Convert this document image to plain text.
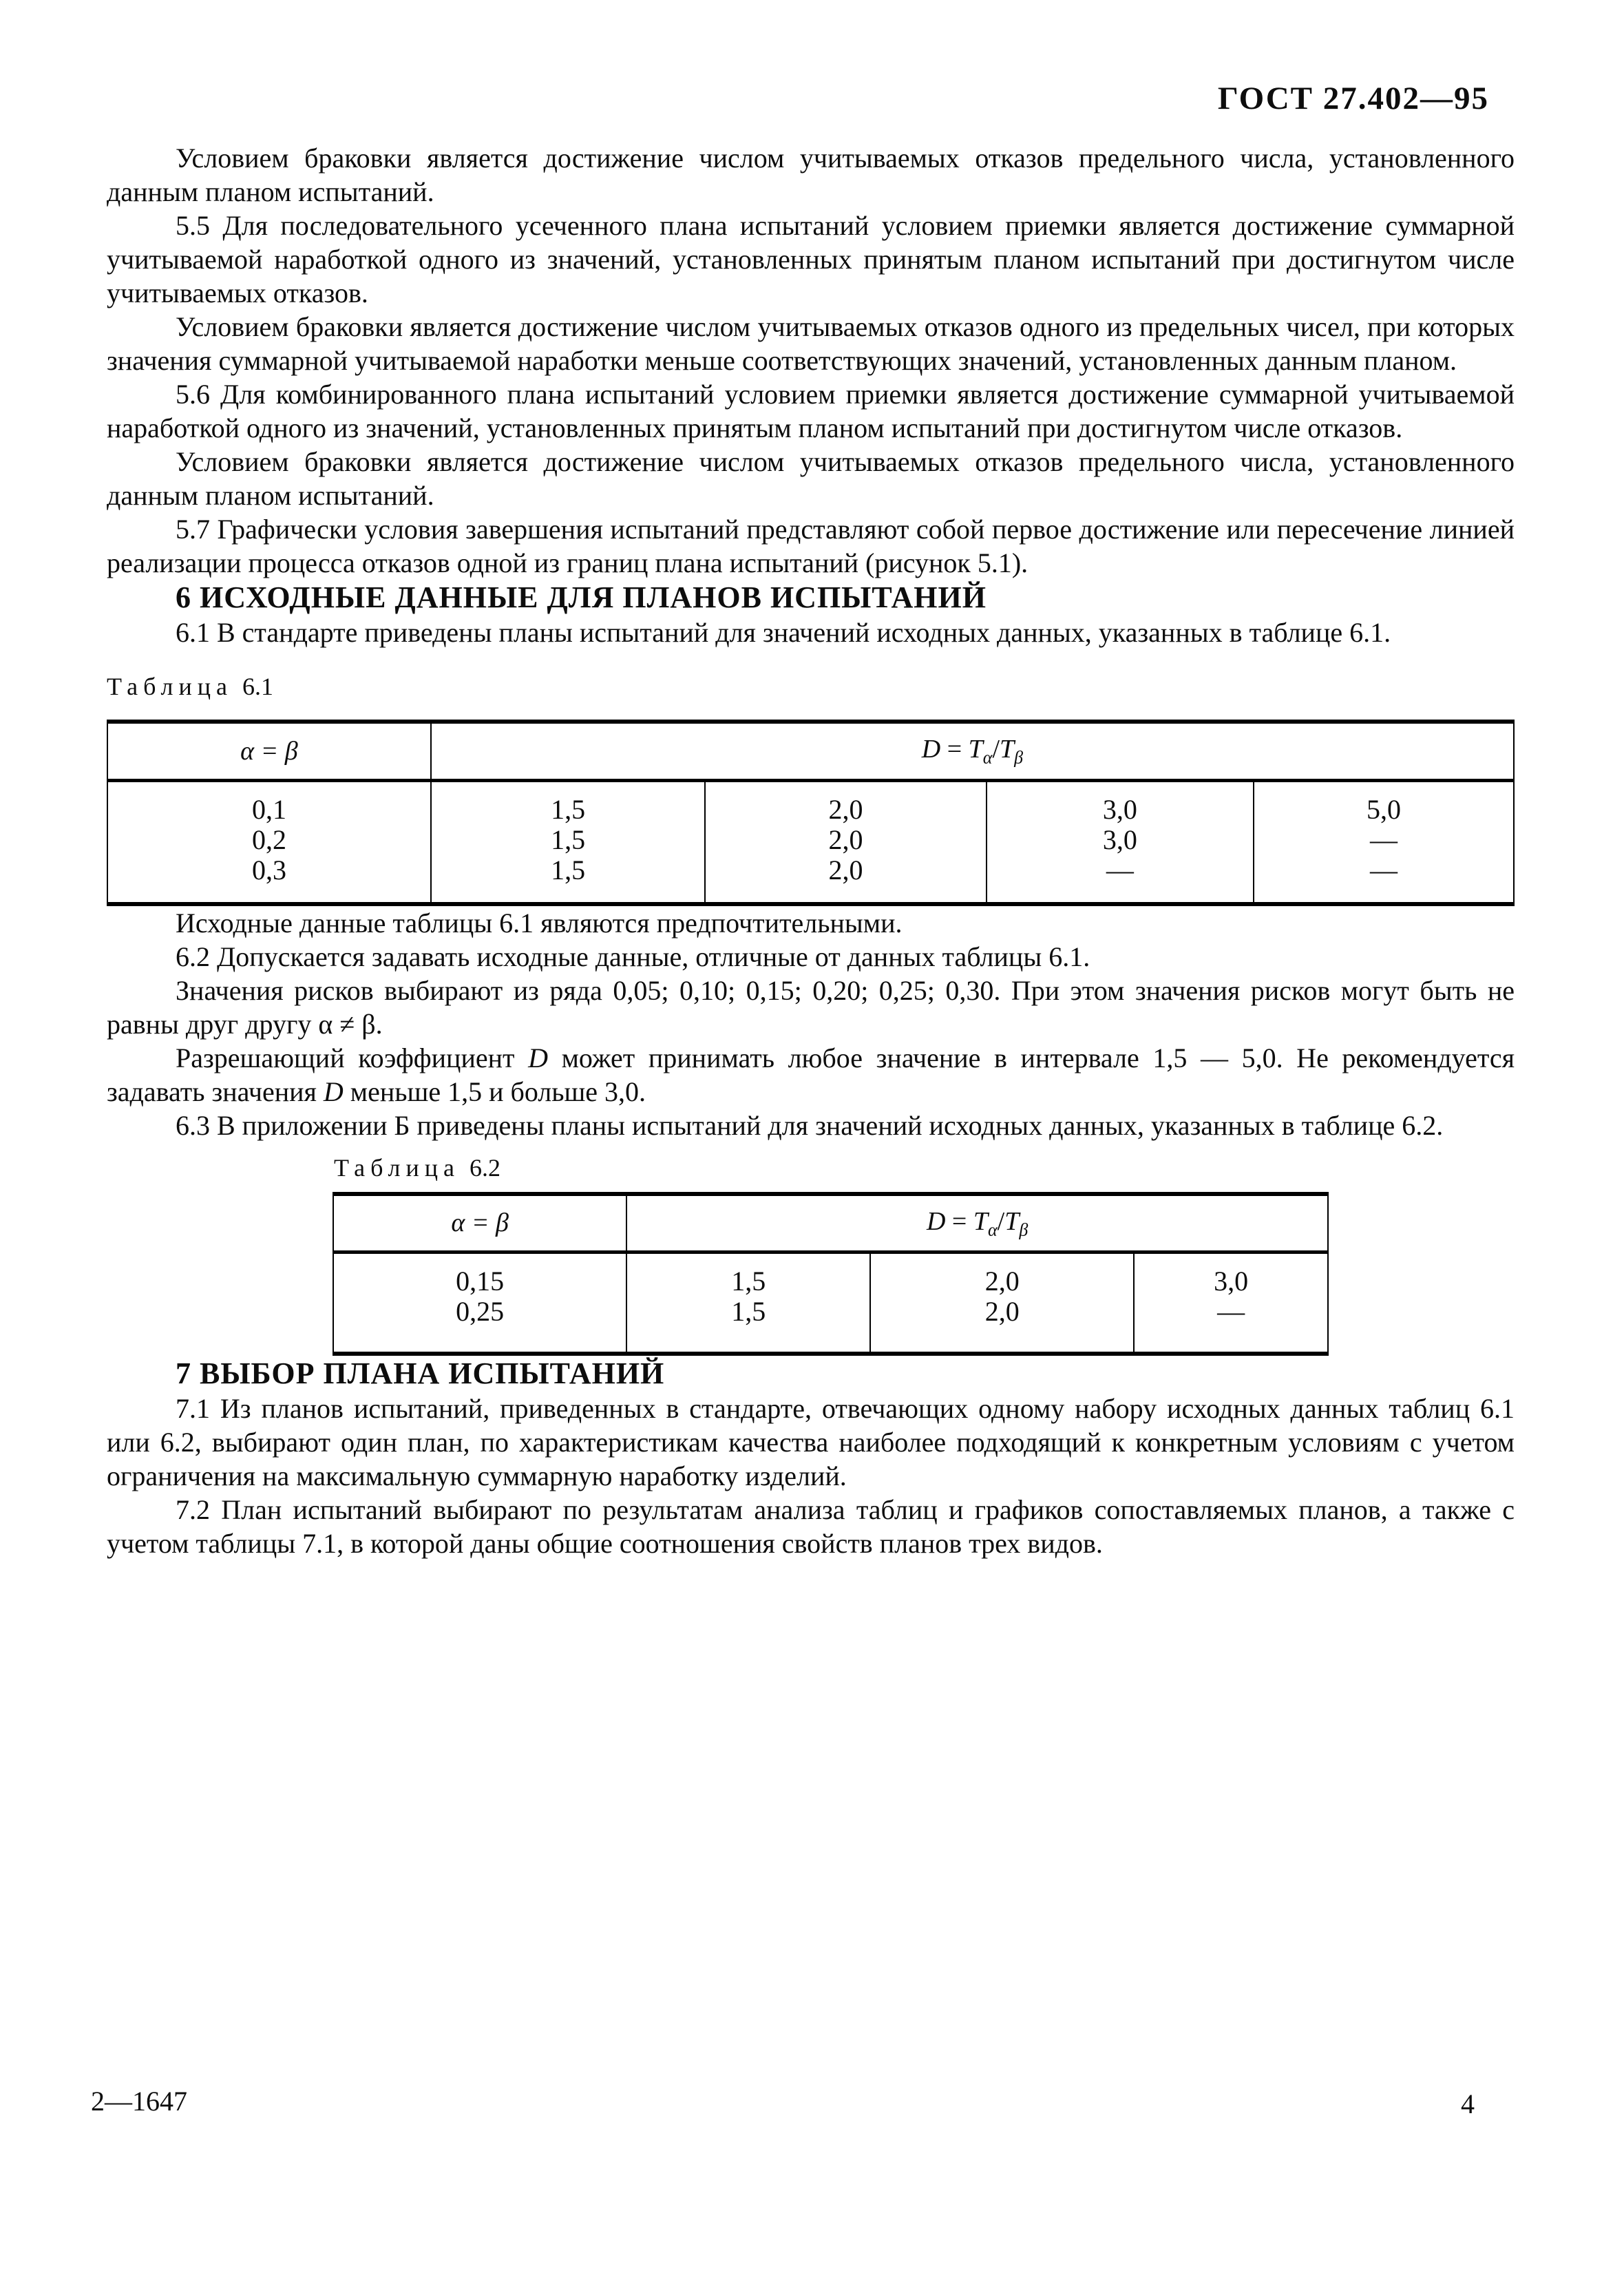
ГОСТ 27.402—95

Условием браковки является достижение числом учитываемых отказов предельного числа, установленного данным планом испытаний.

5.5 Для последовательного усеченного плана испытаний условием приемки является достижение суммарной учитываемой наработкой одного из значений, установленных принятым планом испытаний при достигнутом числе учитываемых отказов.

Условием браковки является достижение числом учитываемых отказов одного из предельных чисел, при которых значения суммарной учитываемой наработки меньше соответствующих значений, установленных данным планом.

5.6 Для комбинированного плана испытаний условием приемки является достижение суммарной учитываемой наработкой одного из значений, установленных принятым планом испытаний при достигнутом числе отказов.

Условием браковки является достижение числом учитываемых отказов предельного числа, установленного данным планом испытаний.

5.7 Графически условия завершения испытаний представляют собой первое достижение или пересечение линией реализации процесса отказов одной из границ плана испытаний (рисунок 5.1).

6 ИСХОДНЫЕ ДАННЫЕ ДЛЯ ПЛАНОВ ИСПЫТАНИЙ

6.1 В стандарте приведены планы испытаний для значений исходных данных, указанных в таблице 6.1.

Таблица 6.1
α = β	$D = T_\alpha/T_\beta$
0,1	1,5	2,0	3,0	5,0
0,2	1,5	2,0	3,0	—
0,3	1,5	2,0	—	—

Исходные данные таблицы 6.1 являются предпочтительными.

6.2 Допускается задавать исходные данные, отличные от данных таблицы 6.1.

Значения рисков выбирают из ряда 0,05; 0,10; 0,15; 0,20; 0,25; 0,30. При этом значения рисков могут быть не равны друг другу α ≠ β.

Разрешающий коэффициент D может принимать любое значение в интервале 1,5 — 5,0. Не рекомендуется задавать значения D меньше 1,5 и больше 3,0.

6.3 В приложении Б приведены планы испытаний для значений исходных данных, указанных в таблице 6.2.

Таблица 6.2
α = β	$D = T_\alpha/T_\beta$
0,15	1,5	2,0	3,0
0,25	1,5	2,0	—

7 ВЫБОР ПЛАНА ИСПЫТАНИЙ

7.1 Из планов испытаний, приведенных в стандарте, отвечающих одному набору исходных данных таблиц 6.1 или 6.2, выбирают один план, по характеристикам качества наиболее подходящий к конкретным условиям с учетом ограничения на максимальную суммарную наработку изделий.

7.2 План испытаний выбирают по результатам анализа таблиц и графиков сопоставляемых планов, а также с учетом таблицы 7.1, в которой даны общие соотношения свойств планов трех видов.

2—1647	4
